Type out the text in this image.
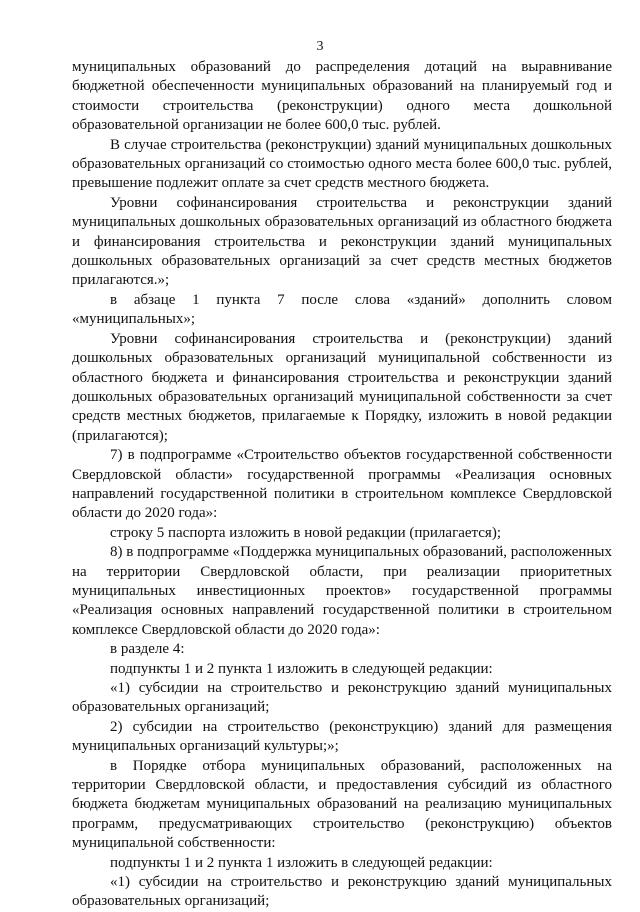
3

муниципальных образований до распределения дотаций на выравнивание бюджетной обеспеченности муниципальных образований на планируемый год и стоимости строительства (реконструкции) одного места дошкольной образовательной организации не более 600,0 тыс. рублей.

В случае строительства (реконструкции) зданий муниципальных дошкольных образовательных организаций со стоимостью одного места более 600,0 тыс. рублей, превышение подлежит оплате за счет средств местного бюджета.

Уровни софинансирования строительства и реконструкции зданий муниципальных дошкольных образовательных организаций из областного бюджета и финансирования строительства и реконструкции зданий муниципальных дошкольных образовательных организаций за счет средств местных бюджетов прилагаются.»;

в абзаце 1 пункта 7 после слова «зданий» дополнить словом «муниципальных»;

Уровни софинансирования строительства и (реконструкции) зданий дошкольных образовательных организаций муниципальной собственности из областного бюджета и финансирования строительства и реконструкции зданий дошкольных образовательных организаций муниципальной собственности за счет средств местных бюджетов, прилагаемые к Порядку, изложить в новой редакции (прилагаются);

7) в подпрограмме «Строительство объектов государственной собственности Свердловской области» государственной программы «Реализация основных направлений государственной политики в строительном комплексе Свердловской области до 2020 года»:

строку 5 паспорта изложить в новой редакции (прилагается);

8) в подпрограмме «Поддержка муниципальных образований, расположенных на территории Свердловской области, при реализации приоритетных муниципальных инвестиционных проектов» государственной программы «Реализация основных направлений государственной политики в строительном комплексе Свердловской области до 2020 года»:

в разделе 4:

подпункты 1 и 2 пункта 1 изложить в следующей редакции:

«1) субсидии на строительство и реконструкцию зданий муниципальных образовательных организаций;

2) субсидии на строительство (реконструкцию) зданий для размещения муниципальных организаций культуры;»;

в Порядке отбора муниципальных образований, расположенных на территории Свердловской области, и предоставления субсидий из областного бюджета бюджетам муниципальных образований на реализацию муниципальных программ, предусматривающих строительство (реконструкцию) объектов муниципальной собственности:

подпункты 1 и 2 пункта 1 изложить в следующей редакции:

«1) субсидии на строительство и реконструкцию зданий муниципальных образовательных организаций;
